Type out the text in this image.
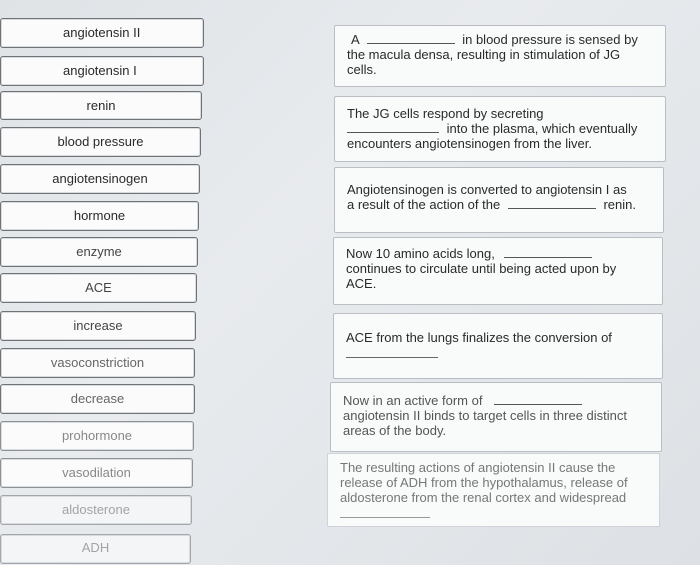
angiotensin II
angiotensin I
renin
blood pressure
angiotensinogen
hormone
enzyme
ACE
increase
vasoconstriction
decrease
prohormone
vasodilation
aldosterone
ADH
A	in blood pressure is sensed by
the macula densa, resulting in stimulation of JG
cells.
The JG cells respond by secreting
into the plasma, which eventually
encounters angiotensinogen from the liver.
Angiotensinogen is converted to angiotensin I as
a result of the action of the	renin.
Now 10 amino acids long,
continues to circulate until being acted upon by
ACE.
ACE from the lungs finalizes the conversion of
Now in an active form of
angiotensin II binds to target cells in three distinct
areas of the body.
The resulting actions of angiotensin II cause the
release of ADH from the hypothalamus, release of
aldosterone from the renal cortex and widespread
